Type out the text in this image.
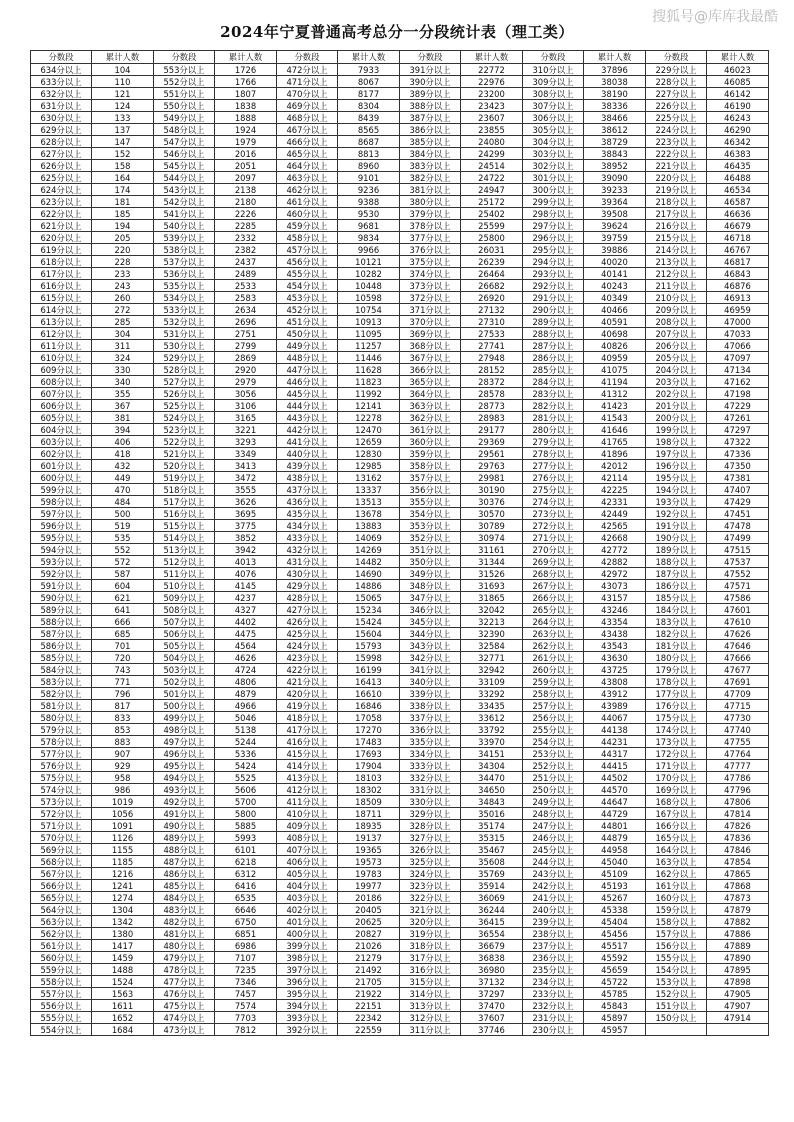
2024年宁夏普通高考总分一分段统计表（理工类）
搜狐号@库库我最酷
分数段	累计人数	分数段	累计人数	分数段	累计人数	分数段	累计人数	分数段	累计人数	分数段	累计人数
634分以上	104	553分以上	1726	472分以上	7933	391分以上	22772	310分以上	37896	229分以上	46023
633分以上	110	552分以上	1766	471分以上	8067	390分以上	22976	309分以上	38038	228分以上	46085
632分以上	121	551分以上	1807	470分以上	8177	389分以上	23200	308分以上	38190	227分以上	46142
631分以上	124	550分以上	1838	469分以上	8304	388分以上	23423	307分以上	38336	226分以上	46190
630分以上	133	549分以上	1888	468分以上	8439	387分以上	23607	306分以上	38466	225分以上	46243
629分以上	137	548分以上	1924	467分以上	8565	386分以上	23855	305分以上	38612	224分以上	46290
628分以上	147	547分以上	1979	466分以上	8687	385分以上	24080	304分以上	38729	223分以上	46342
627分以上	152	546分以上	2016	465分以上	8813	384分以上	24299	303分以上	38843	222分以上	46383
626分以上	158	545分以上	2051	464分以上	8960	383分以上	24514	302分以上	38952	221分以上	46435
625分以上	164	544分以上	2097	463分以上	9101	382分以上	24722	301分以上	39090	220分以上	46488
624分以上	174	543分以上	2138	462分以上	9236	381分以上	24947	300分以上	39233	219分以上	46534
623分以上	181	542分以上	2180	461分以上	9388	380分以上	25172	299分以上	39364	218分以上	46587
622分以上	185	541分以上	2226	460分以上	9530	379分以上	25402	298分以上	39508	217分以上	46636
621分以上	194	540分以上	2285	459分以上	9681	378分以上	25599	297分以上	39624	216分以上	46679
620分以上	205	539分以上	2332	458分以上	9834	377分以上	25800	296分以上	39759	215分以上	46718
619分以上	220	538分以上	2382	457分以上	9966	376分以上	26031	295分以上	39886	214分以上	46767
618分以上	228	537分以上	2437	456分以上	10121	375分以上	26239	294分以上	40020	213分以上	46817
617分以上	233	536分以上	2489	455分以上	10282	374分以上	26464	293分以上	40141	212分以上	46843
616分以上	243	535分以上	2533	454分以上	10448	373分以上	26682	292分以上	40243	211分以上	46876
615分以上	260	534分以上	2583	453分以上	10598	372分以上	26920	291分以上	40349	210分以上	46913
614分以上	272	533分以上	2634	452分以上	10754	371分以上	27132	290分以上	40466	209分以上	46959
613分以上	285	532分以上	2696	451分以上	10913	370分以上	27310	289分以上	40591	208分以上	47000
612分以上	304	531分以上	2751	450分以上	11095	369分以上	27533	288分以上	40698	207分以上	47033
611分以上	311	530分以上	2799	449分以上	11257	368分以上	27741	287分以上	40826	206分以上	47066
610分以上	324	529分以上	2869	448分以上	11446	367分以上	27948	286分以上	40959	205分以上	47097
609分以上	330	528分以上	2920	447分以上	11628	366分以上	28152	285分以上	41075	204分以上	47134
608分以上	340	527分以上	2979	446分以上	11823	365分以上	28372	284分以上	41194	203分以上	47162
607分以上	355	526分以上	3056	445分以上	11992	364分以上	28578	283分以上	41312	202分以上	47198
606分以上	367	525分以上	3106	444分以上	12141	363分以上	28773	282分以上	41423	201分以上	47229
605分以上	381	524分以上	3165	443分以上	12278	362分以上	28983	281分以上	41543	200分以上	47261
604分以上	394	523分以上	3221	442分以上	12470	361分以上	29177	280分以上	41646	199分以上	47297
603分以上	406	522分以上	3293	441分以上	12659	360分以上	29369	279分以上	41765	198分以上	47322
602分以上	418	521分以上	3349	440分以上	12830	359分以上	29561	278分以上	41896	197分以上	47336
601分以上	432	520分以上	3413	439分以上	12985	358分以上	29763	277分以上	42012	196分以上	47350
600分以上	449	519分以上	3472	438分以上	13162	357分以上	29981	276分以上	42114	195分以上	47381
599分以上	470	518分以上	3555	437分以上	13337	356分以上	30190	275分以上	42225	194分以上	47407
598分以上	484	517分以上	3626	436分以上	13513	355分以上	30376	274分以上	42331	193分以上	47429
597分以上	500	516分以上	3695	435分以上	13678	354分以上	30570	273分以上	42449	192分以上	47451
596分以上	519	515分以上	3775	434分以上	13883	353分以上	30789	272分以上	42565	191分以上	47478
595分以上	535	514分以上	3852	433分以上	14069	352分以上	30974	271分以上	42668	190分以上	47499
594分以上	552	513分以上	3942	432分以上	14269	351分以上	31161	270分以上	42772	189分以上	47515
593分以上	572	512分以上	4013	431分以上	14482	350分以上	31344	269分以上	42882	188分以上	47537
592分以上	587	511分以上	4076	430分以上	14690	349分以上	31526	268分以上	42972	187分以上	47552
591分以上	604	510分以上	4145	429分以上	14886	348分以上	31693	267分以上	43073	186分以上	47571
590分以上	621	509分以上	4237	428分以上	15065	347分以上	31865	266分以上	43157	185分以上	47586
589分以上	641	508分以上	4327	427分以上	15234	346分以上	32042	265分以上	43246	184分以上	47601
588分以上	666	507分以上	4402	426分以上	15424	345分以上	32213	264分以上	43354	183分以上	47610
587分以上	685	506分以上	4475	425分以上	15604	344分以上	32390	263分以上	43438	182分以上	47626
586分以上	701	505分以上	4564	424分以上	15793	343分以上	32584	262分以上	43543	181分以上	47646
585分以上	720	504分以上	4626	423分以上	15998	342分以上	32771	261分以上	43630	180分以上	47666
584分以上	743	503分以上	4724	422分以上	16199	341分以上	32942	260分以上	43725	179分以上	47677
583分以上	771	502分以上	4806	421分以上	16413	340分以上	33109	259分以上	43808	178分以上	47691
582分以上	796	501分以上	4879	420分以上	16610	339分以上	33292	258分以上	43912	177分以上	47709
581分以上	817	500分以上	4966	419分以上	16846	338分以上	33435	257分以上	43989	176分以上	47715
580分以上	833	499分以上	5046	418分以上	17058	337分以上	33612	256分以上	44067	175分以上	47730
579分以上	853	498分以上	5138	417分以上	17270	336分以上	33792	255分以上	44138	174分以上	47740
578分以上	883	497分以上	5244	416分以上	17483	335分以上	33970	254分以上	44231	173分以上	47755
577分以上	907	496分以上	5336	415分以上	17693	334分以上	34151	253分以上	44317	172分以上	47764
576分以上	929	495分以上	5424	414分以上	17904	333分以上	34304	252分以上	44415	171分以上	47777
575分以上	958	494分以上	5525	413分以上	18103	332分以上	34470	251分以上	44502	170分以上	47786
574分以上	986	493分以上	5606	412分以上	18302	331分以上	34650	250分以上	44570	169分以上	47796
573分以上	1019	492分以上	5700	411分以上	18509	330分以上	34843	249分以上	44647	168分以上	47806
572分以上	1056	491分以上	5800	410分以上	18711	329分以上	35016	248分以上	44729	167分以上	47814
571分以上	1091	490分以上	5885	409分以上	18935	328分以上	35174	247分以上	44801	166分以上	47826
570分以上	1126	489分以上	5993	408分以上	19137	327分以上	35315	246分以上	44879	165分以上	47836
569分以上	1155	488分以上	6101	407分以上	19365	326分以上	35467	245分以上	44958	164分以上	47846
568分以上	1185	487分以上	6218	406分以上	19573	325分以上	35608	244分以上	45040	163分以上	47854
567分以上	1216	486分以上	6312	405分以上	19783	324分以上	35769	243分以上	45109	162分以上	47865
566分以上	1241	485分以上	6416	404分以上	19977	323分以上	35914	242分以上	45193	161分以上	47868
565分以上	1274	484分以上	6535	403分以上	20186	322分以上	36069	241分以上	45267	160分以上	47873
564分以上	1304	483分以上	6646	402分以上	20405	321分以上	36244	240分以上	45338	159分以上	47879
563分以上	1342	482分以上	6750	401分以上	20625	320分以上	36415	239分以上	45404	158分以上	47882
562分以上	1380	481分以上	6851	400分以上	20827	319分以上	36554	238分以上	45456	157分以上	47886
561分以上	1417	480分以上	6986	399分以上	21026	318分以上	36679	237分以上	45517	156分以上	47889
560分以上	1459	479分以上	7107	398分以上	21279	317分以上	36838	236分以上	45592	155分以上	47890
559分以上	1488	478分以上	7235	397分以上	21492	316分以上	36980	235分以上	45659	154分以上	47895
558分以上	1524	477分以上	7346	396分以上	21705	315分以上	37132	234分以上	45722	153分以上	47898
557分以上	1563	476分以上	7457	395分以上	21922	314分以上	37297	233分以上	45785	152分以上	47905
556分以上	1611	475分以上	7574	394分以上	22151	313分以上	37470	232分以上	45843	151分以上	47907
555分以上	1652	474分以上	7703	393分以上	22342	312分以上	37607	231分以上	45897	150分以上	47914
554分以上	1684	473分以上	7812	392分以上	22559	311分以上	37746	230分以上	45957		
